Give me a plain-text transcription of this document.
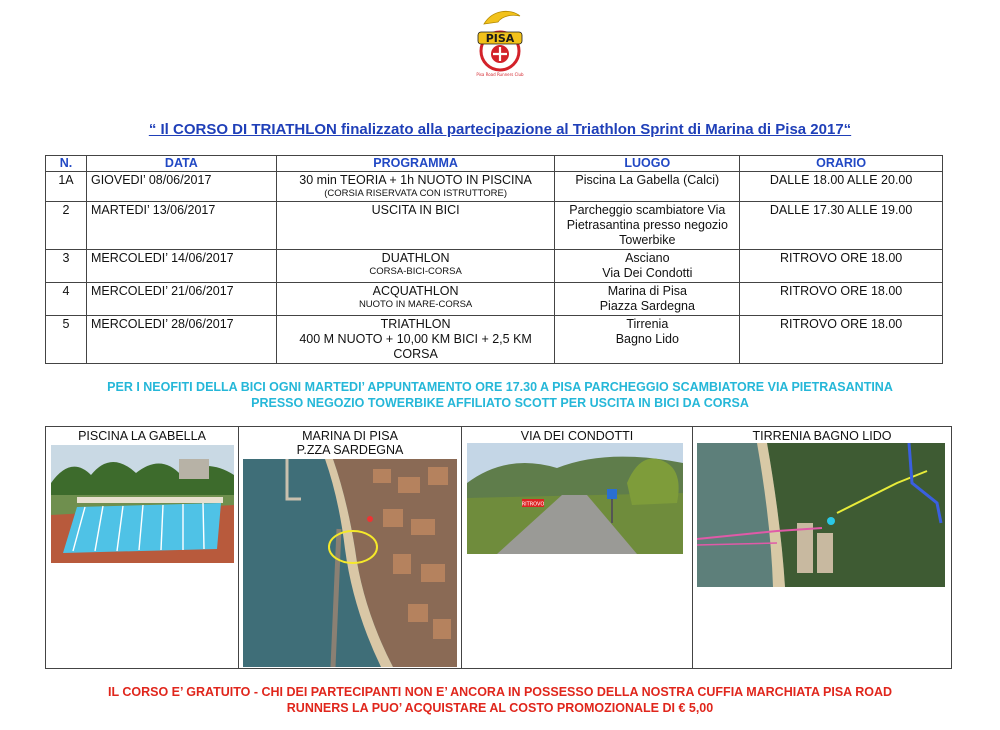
PISA
Pisa Road Runners Club
“ Il CORSO DI TRIATHLON finalizzato alla partecipazione al Triathlon Sprint di Marina di Pisa 2017“
N.	DATA	PROGRAMMA	LUOGO	ORARIO
1A	GIOVEDI’ 08/06/2017	30 min TEORIA + 1h NUOTO IN PISCINA
(CORSIA RISERVATA CON ISTRUTTORE)	Piscina La Gabella (Calci)	DALLE 18.00 ALLE 20.00
2	MARTEDI’ 13/06/2017	USCITA IN BICI	Parcheggio scambiatore Via
Pietrasantina presso negozio
Towerbike	DALLE 17.30 ALLE 19.00
3	MERCOLEDI’ 14/06/2017	DUATHLON
CORSA-BICI-CORSA	Asciano
Via Dei Condotti	RITROVO ORE 18.00
4	MERCOLEDI’ 21/06/2017	ACQUATHLON
NUOTO IN MARE-CORSA	Marina di Pisa
Piazza Sardegna	RITROVO ORE 18.00
5	MERCOLEDI’ 28/06/2017	TRIATHLON
400 M NUOTO + 10,00 KM BICI + 2,5 KM
CORSA	Tirrenia
Bagno Lido	RITROVO ORE 18.00
PER I NEOFITI DELLA BICI OGNI MARTEDI’ APPUNTAMENTO ORE 17.30 A PISA PARCHEGGIO SCAMBIATORE VIA PIETRASANTINA
PRESSO NEGOZIO TOWERBIKE AFFILIATO SCOTT PER USCITA IN BICI DA CORSA
PISCINA LA GABELLA	MARINA DI PISA
P.ZZA SARDEGNA
VIA DEI CONDOTTI
RITROVO
TIRRENIA BAGNO LIDO
IL CORSO E’ GRATUITO - CHI DEI PARTECIPANTI NON E’ ANCORA IN POSSESSO DELLA NOSTRA CUFFIA MARCHIATA PISA ROAD
RUNNERS LA PUO’ ACQUISTARE AL COSTO PROMOZIONALE DI € 5,00
